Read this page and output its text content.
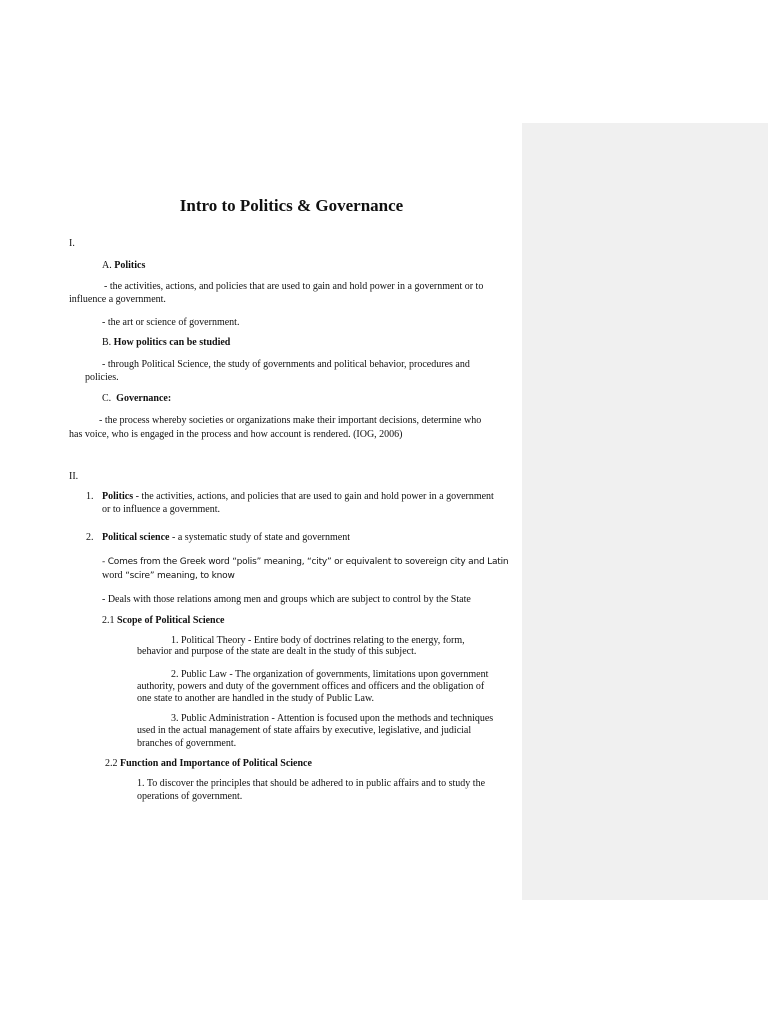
Intro to Politics & Governance
I.
A. Politics
- the activities, actions, and policies that are used to gain and hold power in a government or to
influence a government.
- the art or science of government.
B. How politics can be studied
- through Political Science, the study of governments and political behavior, procedures and
policies.
C. Governance:
- the process whereby societies or organizations make their important decisions, determine who
has voice, who is engaged in the process and how account is rendered. (IOG, 2006)
II.
1. Politics - the activities, actions, and policies that are used to gain and hold power in a government
or to influence a government.
2. Political science - a systematic study of state and government
- Comes from the Greek word “polis” meaning, “city” or equivalent to sovereign city and Latin
word “scire” meaning, to know
- Deals with those relations among men and groups which are subject to control by the State
2.1 Scope of Political Science
1. Political Theory - Entire body of doctrines relating to the energy, form,
behavior and purpose of the state are dealt in the study of this subject.
2. Public Law - The organization of governments, limitations upon government
authority, powers and duty of the government offices and officers and the obligation of
one state to another are handled in the study of Public Law.
3. Public Administration - Attention is focused upon the methods and techniques
used in the actual management of state affairs by executive, legislative, and judicial
branches of government.
2.2 Function and Importance of Political Science
1. To discover the principles that should be adhered to in public affairs and to study the
operations of government.
